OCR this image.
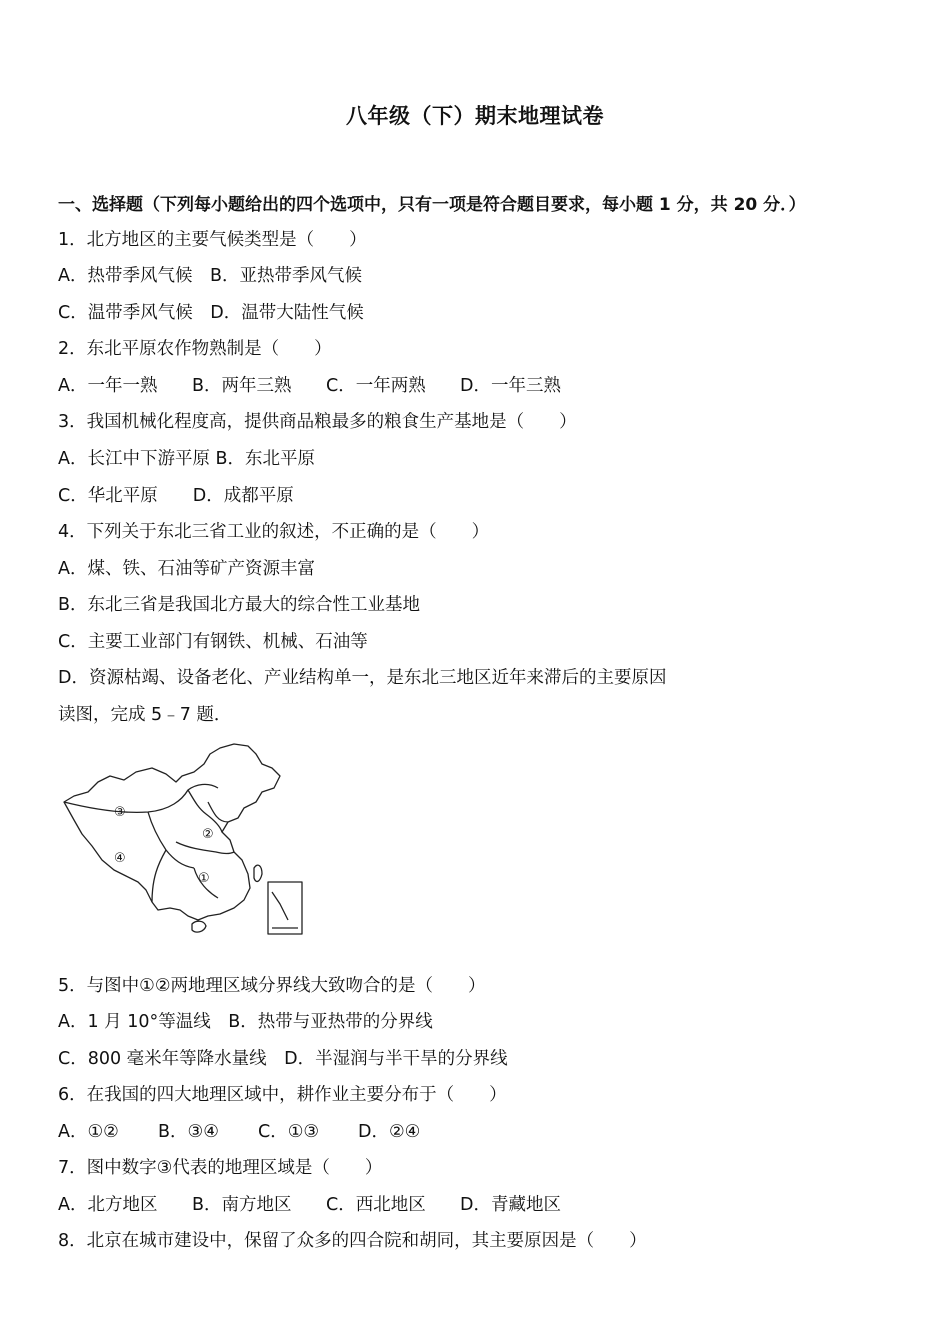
八年级（下）期末地理试卷
一、选择题（下列每小题给出的四个选项中，只有一项是符合题目要求，每小题 1 分，共 20 分．）
1．北方地区的主要气候类型是（　　）
A．热带季风气候　B．亚热带季风气候
C．温带季风气候　D．温带大陆性气候
2．东北平原农作物熟制是（　　）
A．一年一熟 B．两年三熟 C．一年两熟 D．一年三熟
3．我国机械化程度高，提供商品粮最多的粮食生产基地是（　　）
A．长江中下游平原 B．东北平原
C．华北平原　　D．成都平原
4．下列关于东北三省工业的叙述，不正确的是（　　）
A．煤、铁、石油等矿产资源丰富
B．东北三省是我国北方最大的综合性工业基地
C．主要工业部门有钢铁、机械、石油等
D．资源枯竭、设备老化、产业结构单一，是东北三地区近年来滞后的主要原因
读图，完成 5﹣7 题．
①
②
③
④
5．与图中①②两地理区域分界线大致吻合的是（　　）
A．1 月 10°等温线　B．热带与亚热带的分界线
C．800 毫米年等降水量线　D．半湿润与半干旱的分界线
6．在我国的四大地理区域中，耕作业主要分布于（　　）
A．①② B．③④ C．①③ D．②④
7．图中数字③代表的地理区域是（　　）
A．北方地区 B．南方地区 C．西北地区 D．青藏地区
8．北京在城市建设中，保留了众多的四合院和胡同，其主要原因是（　　）
